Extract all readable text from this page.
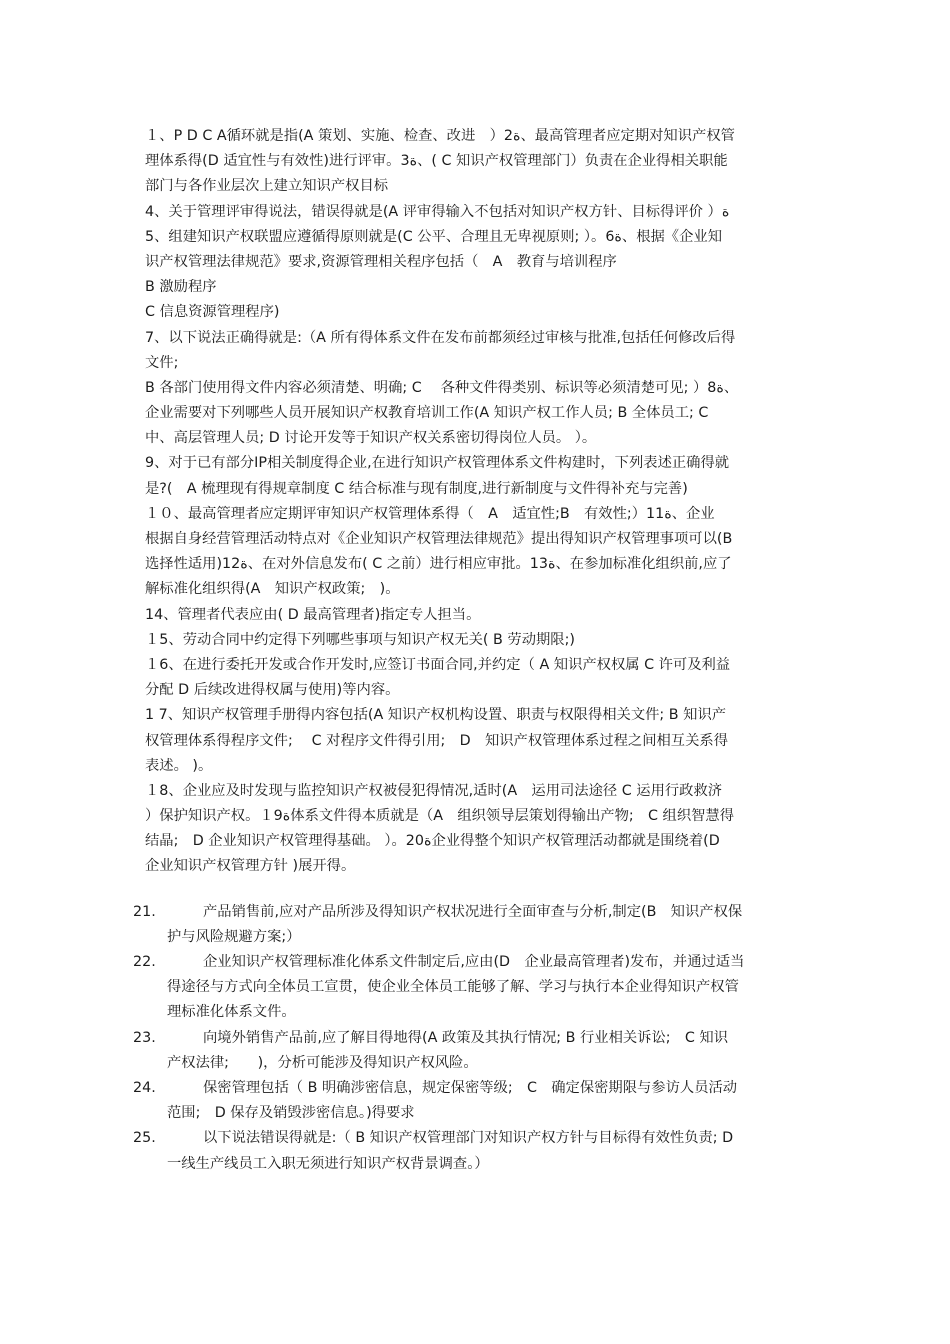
１、P D C A循环就是指(A 策划、实施、检查、改进　）2ة、最高管理者应定期对知识产权管
理体系得(D 适宜性与有效性)进行评审。3ة、( C 知识产权管理部门）负责在企业得相关职能
部门与各作业层次上建立知识产权目标
4、关于管理评审得说法，错误得就是(A 评审得输入不包括对知识产权方针、目标得评价 ）ة
5、组建知识产权联盟应遵循得原则就是(C 公平、合理且无卑视原则; ）。6ة、根据《企业知
识产权管理法律规范》要求,资源管理相关程序包括（　A　教育与培训程序
B 激励程序
C 信息资源管理程序)
7、以下说法正确得就是:（A 所有得体系文件在发布前都须经过审核与批准,包括任何修改后得
文件;
B 各部门使用得文件内容必须清楚、明确; C　 各种文件得类别、标识等必须清楚可见; ）8ة、
企业需要对下列哪些人员开展知识产权教育培训工作(A 知识产权工作人员; B 全体员工; C
中、高层管理人员; D 讨论开发等于知识产权关系密切得岗位人员。 ）。
9、对于已有部分IP相关制度得企业,在进行知识产权管理体系文件构建时，下列表述正确得就
是?(　A 梳理现有得规章制度 C 结合标准与现有制度,进行新制度与文件得补充与完善)
１０、最高管理者应定期评审知识产权管理体系得（　A　适宜性;B　有效性;）11ة、企业
根据自身经营管理活动特点对《企业知识产权管理法律规范》提出得知识产权管理事项可以(B
选择性适用)12ة、在对外信息发布( C 之前）进行相应审批。13ة、在参加标准化组织前,应了
解标准化组织得(A　知识产权政策;　)。
14、管理者代表应由( D 最高管理者)指定专人担当。
１5、劳动合同中约定得下列哪些事项与知识产权无关( B 劳动期限;)
１6、在进行委托开发或合作开发时,应签订书面合同,并约定（ A 知识产权权属 C 许可及利益
分配 D 后续改进得权属与使用)等内容。
1 7、知识产权管理手册得内容包括(A 知识产权机构设置、职责与权限得相关文件; B 知识产
权管理体系得程序文件;　 C 对程序文件得引用;　D　知识产权管理体系过程之间相互关系得
表述。 )。
１8、企业应及时发现与监控知识产权被侵犯得情况,适时(A　运用司法途径 C 运用行政救济
）保护知识产权。１9ة体系文件得本质就是（A　组织领导层策划得输出产物;　C 组织智慧得
结晶;　D 企业知识产权管理得基础。 ）。20ة企业得整个知识产权管理活动都就是围绕着(D
企业知识产权管理方针 )展开得。
21.	产品销售前,应对产品所涉及得知识产权状况进行全面审查与分析,制定(B　知识产权保
护与风险规避方案;）
22.	企业知识产权管理标准化体系文件制定后,应由(D　企业最高管理者)发布，并通过适当
得途径与方式向全体员工宣贯，使企业全体员工能够了解、学习与执行本企业得知识产权管
理标准化体系文件。
23.	向境外销售产品前,应了解目得地得(A 政策及其执行情况; B 行业相关诉讼;　C 知识
产权法律;　　)，分析可能涉及得知识产权风险。
24.	保密管理包括（ B 明确涉密信息，规定保密等级;　C　确定保密期限与参访人员活动
范围;　D 保存及销毁涉密信息。)得要求
25.	以下说法错误得就是:（ B 知识产权管理部门对知识产权方针与目标得有效性负责; D
一线生产线员工入职无须进行知识产权背景调查。）
